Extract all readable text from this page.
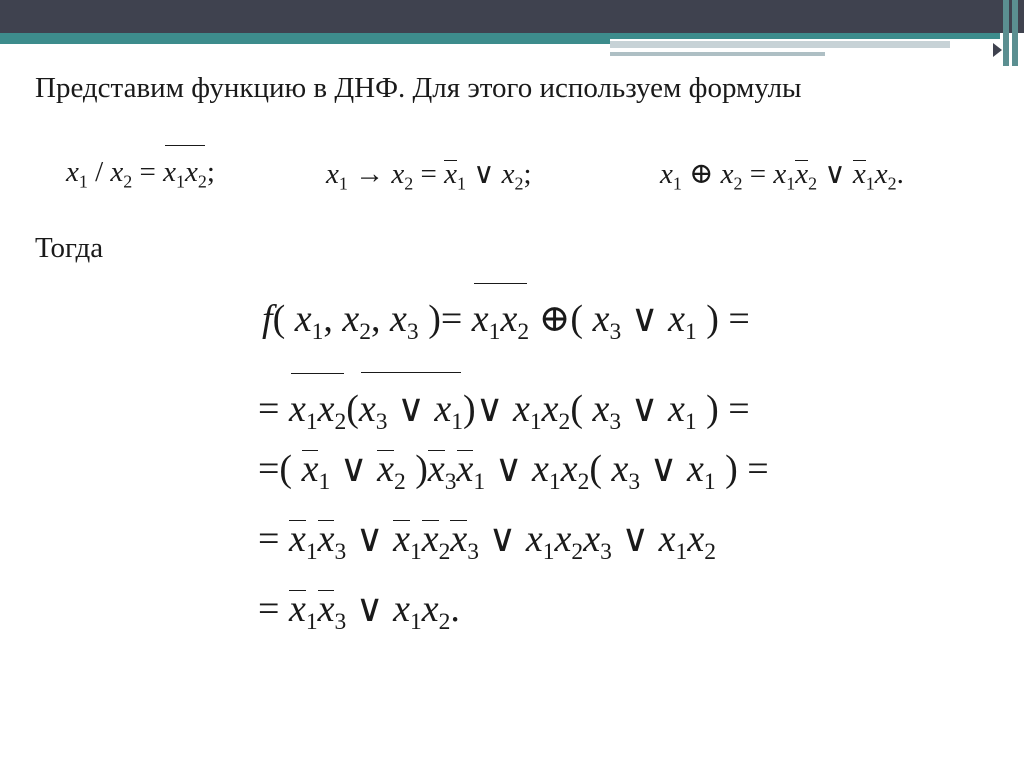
Представим функцию в ДНФ. Для этого используем формулы
$x_1 / x_2 = x_1x_2$;	$x_1 \to x_2 = x_1$ ∨ $x_2$;	$x_1$ ⊕ $x_2 = x_1x_2$ ∨ $x_1x_2$.
Тогда
f( $x_1$, $x_2$, $x_3$ )= $x_1x_2$ ⊕( $x_3$ ∨ $x_1$ ) =
= $x_1x_2(x_3$ ∨ $x_1)\vee$ $x_1x_2$( $x_3$ ∨ $x_1$ ) =
=( $x_1$ ∨ $x_2$ )$x_3x_1$ ∨ $x_1x_2$( $x_3$ ∨ $x_1$ ) =
= $x_1x_3$ ∨ $x_1x_2x_3$ ∨ $x_1x_2x_3$ ∨ $x_1x_2$
= $x_1x_3$ ∨ $x_1x_2$.
